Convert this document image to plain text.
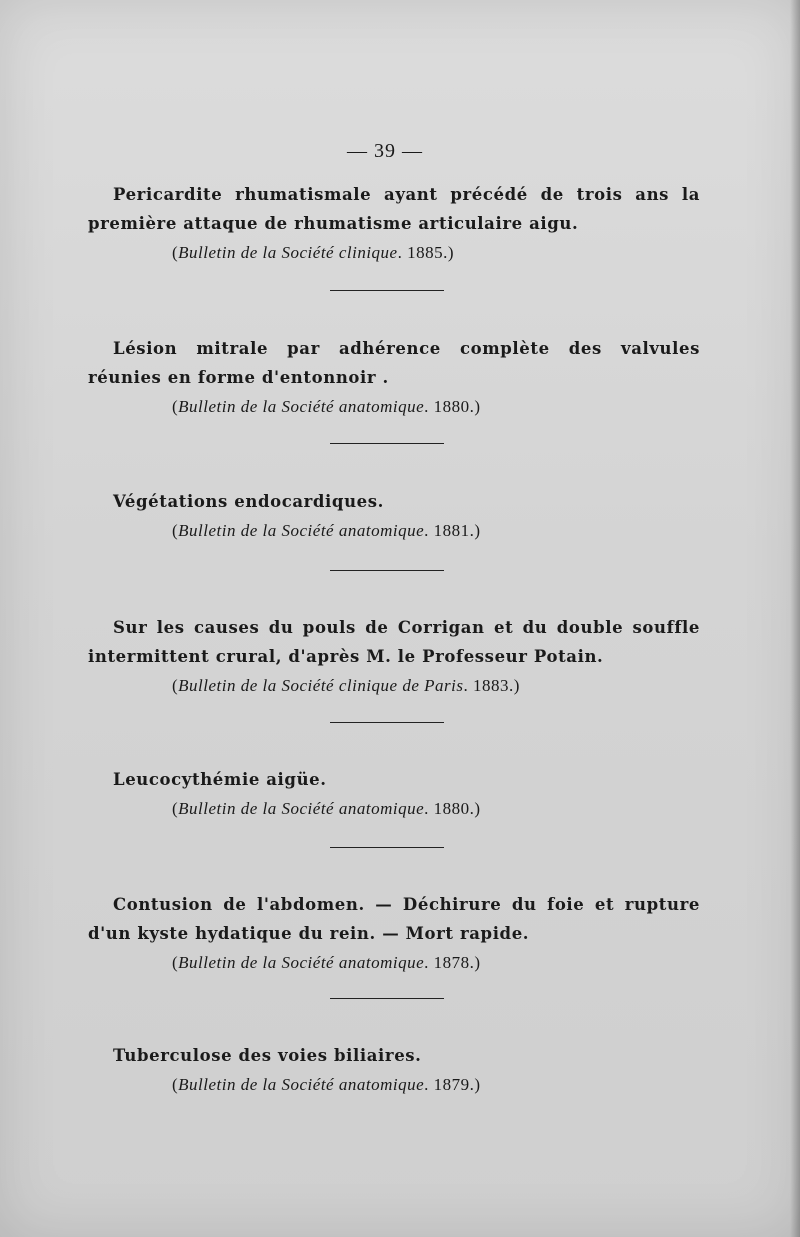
— 39 —

Pericardite rhumatismale ayant précédé de trois ans la première attaque de rhumatisme articulaire aigu.

(Bulletin de la Société clinique. 1885.)

Lésion mitrale par adhérence complète des valvules réunies en forme d'entonnoir .

(Bulletin de la Société anatomique. 1880.)

Végétations endocardiques.

(Bulletin de la Société anatomique. 1881.)

Sur les causes du pouls de Corrigan et du double souffle intermittent crural, d'après M. le Professeur Potain.

(Bulletin de la Société clinique de Paris. 1883.)

Leucocythémie aigüe.

(Bulletin de la Société anatomique. 1880.)

Contusion de l'abdomen. — Déchirure du foie et rupture d'un kyste hydatique du rein. — Mort rapide.

(Bulletin de la Société anatomique. 1878.)

Tuberculose des voies biliaires.

(Bulletin de la Société anatomique. 1879.)
